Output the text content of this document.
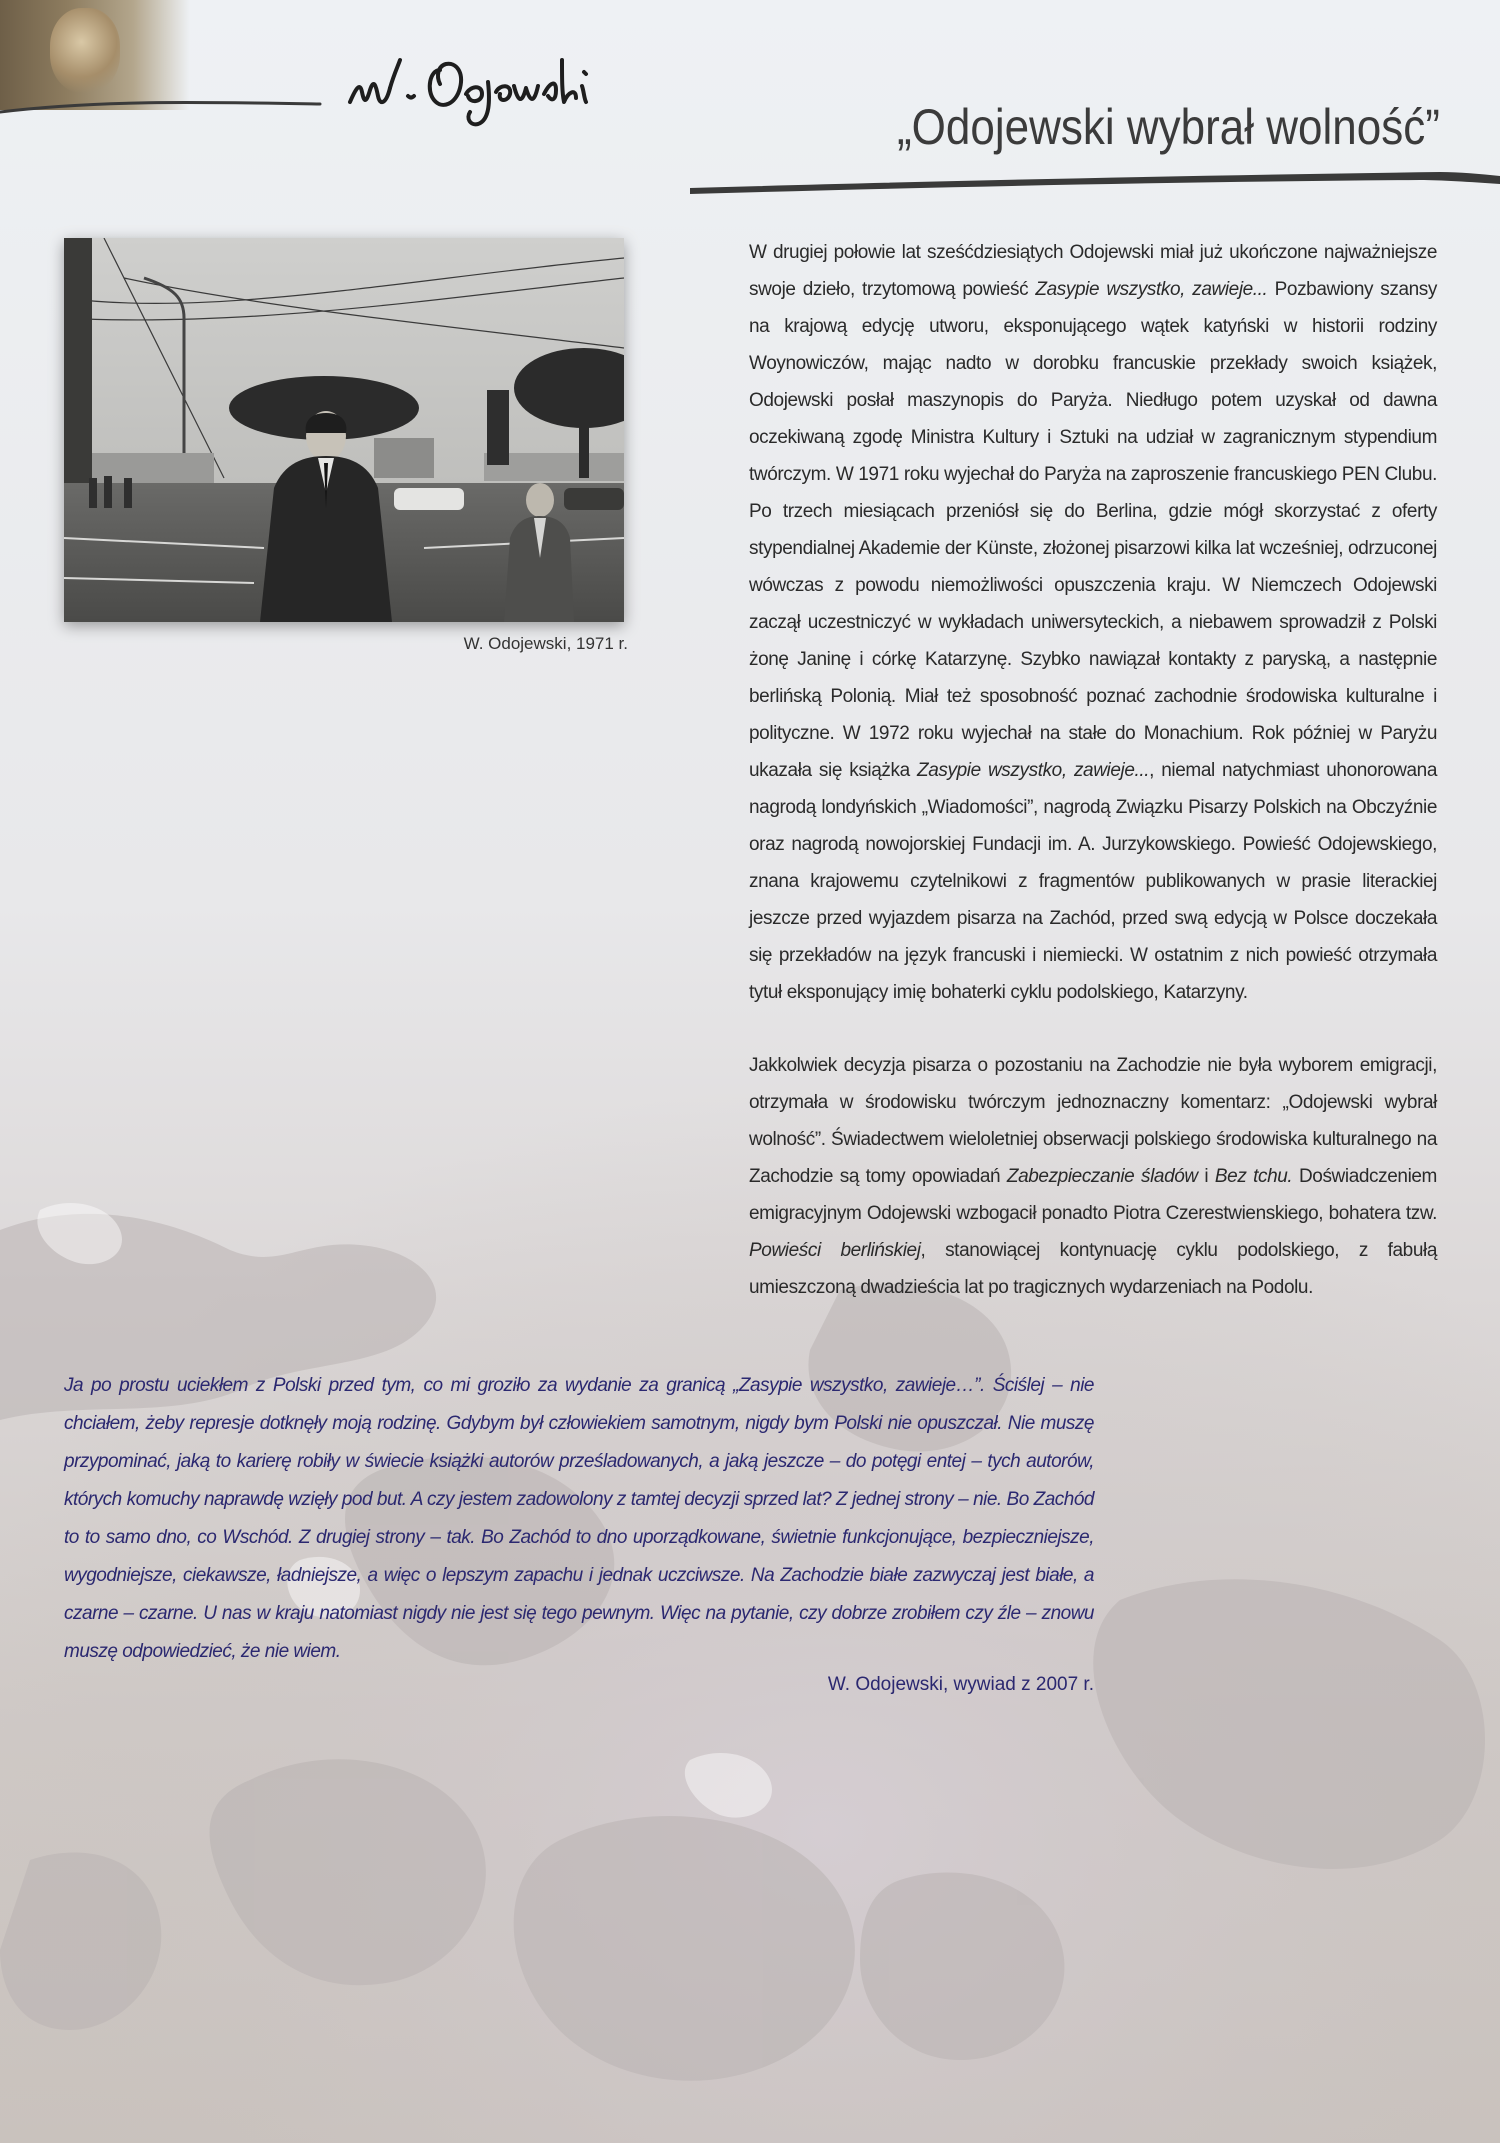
„Odojewski wybrał wolność”
W. Odojewski, 1971 r.

W drugiej połowie lat sześćdziesiątych Odojewski miał już ukończone najważniejsze swoje dzieło, trzytomową powieść Zasypie wszystko, zawieje... Pozbawiony szansy na krajową edycję utworu, eksponującego wątek katyński w historii rodziny Woynowiczów, mając nadto w dorobku francuskie przekłady swoich książek, Odojewski posłał maszynopis do Paryża. Niedługo potem uzyskał od dawna oczekiwaną zgodę Ministra Kultury i Sztuki na udział w zagranicznym stypendium twórczym. W 1971 roku wyjechał do Paryża na zaproszenie francuskiego PEN Clubu. Po trzech miesiącach przeniósł się do Berlina, gdzie mógł skorzystać z oferty stypendialnej Akademie der Künste, złożonej pisarzowi kilka lat wcześniej, odrzuconej wówczas z powodu niemożliwości opuszczenia kraju. W Niemczech Odojewski zaczął uczestniczyć w wykładach uniwersyteckich, a niebawem sprowadził z Polski żonę Janinę i córkę Katarzynę. Szybko nawiązał kontakty z paryską, a następnie berlińską Polonią. Miał też sposobność poznać zachodnie środowiska kulturalne i polityczne. W 1972 roku wyjechał na stałe do Monachium. Rok później w Paryżu ukazała się książka Zasypie wszystko, zawieje..., niemal natychmiast uhonorowana nagrodą londyńskich „Wiadomości”, nagrodą Związku Pisarzy Polskich na Obczyźnie oraz nagrodą nowojorskiej Fundacji im. A. Jurzykowskiego. Powieść Odojewskiego, znana krajowemu czytelnikowi z fragmentów publikowanych w prasie literackiej jeszcze przed wyjazdem pisarza na Zachód, przed swą edycją w Polsce doczekała się przekładów na język francuski i niemiecki. W ostatnim z nich powieść otrzymała tytuł eksponujący imię bohaterki cyklu podolskiego, Katarzyny.

Jakkolwiek decyzja pisarza o pozostaniu na Zachodzie nie była wyborem emigracji, otrzymała w środowisku twórczym jednoznaczny komentarz: „Odojewski wybrał wolność”. Świadectwem wieloletniej obserwacji polskiego środowiska kulturalnego na Zachodzie są tomy opowiadań Zabezpieczanie śladów i Bez tchu. Doświadczeniem emigracyjnym Odojewski wzbogacił ponadto Piotra Czerestwienskiego, bohatera tzw. Powieści berlińskiej, stanowiącej kontynuację cyklu podolskiego, z fabułą umieszczoną dwadzieścia lat po tragicznych wydarzeniach na Podolu.

Ja po prostu uciekłem z Polski przed tym, co mi groziło za wydanie za granicą „Zasypie wszystko, zawieje…”. Ściślej – nie chciałem, żeby represje dotknęły moją rodzinę. Gdybym był człowiekiem samotnym, nigdy bym Polski nie opuszczał. Nie muszę przypominać, jaką to karierę robiły w świecie książki autorów prześladowanych, a jaką jeszcze – do potęgi entej – tych autorów, których komuchy naprawdę wzięły pod but. A czy jestem zadowolony z tamtej decyzji sprzed lat? Z jednej strony – nie. Bo Zachód to to samo dno, co Wschód. Z drugiej strony – tak. Bo Zachód to dno uporządkowane, świetnie funkcjonujące, bezpieczniejsze, wygodniejsze, ciekawsze, ładniejsze, a więc o lepszym zapachu i jednak uczciwsze. Na Zachodzie białe zazwyczaj jest białe, a czarne – czarne. U nas w kraju natomiast nigdy nie jest się tego pewnym. Więc na pytanie, czy dobrze zrobiłem czy źle – znowu muszę odpowiedzieć, że nie wiem.

W. Odojewski, wywiad z 2007 r.
